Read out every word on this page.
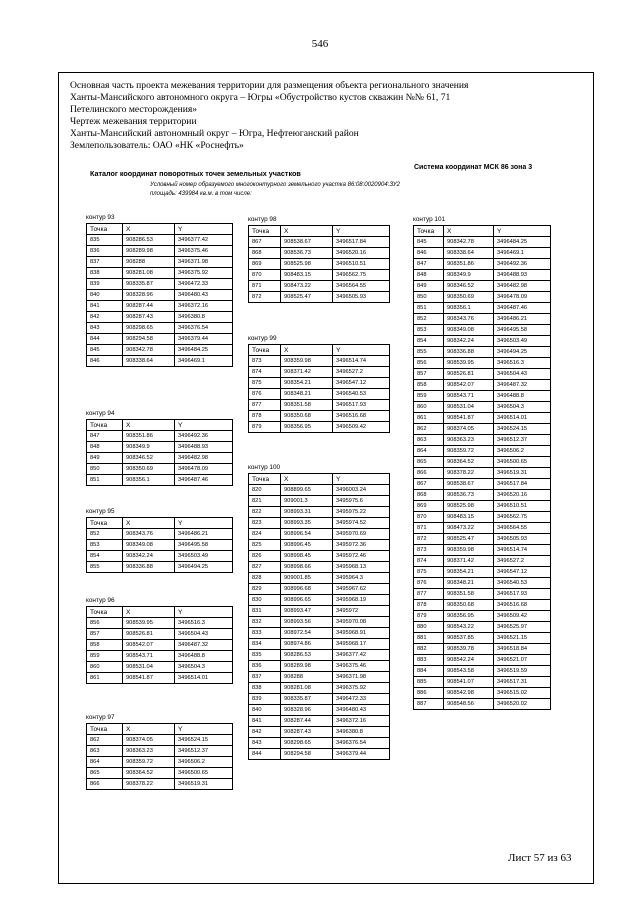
546
Основная часть проекта межевания территории для размещения объекта регионального значения
Ханты-Мансийского автономного округа – Югры «Обустройство кустов скважин №№ 61, 71
Петелинского месторождения»
Чертеж межевания территории
Ханты-Мансийский автономный округ – Югра, Нефтеюганский район
Землепользователь: ОАО «НК «Роснефть»
Каталог координат поворотных точек земельных участков
Система координат МСК 86 зона 3
Условный номер образуемого многоконтурного земельного участка 86:08:0020904:ЗУ2
площадь: 439984 кв.м. в том числе:
контур 93
Точка	X	Y
835	908286.53	3496377.42
836	908289.98	3496375.46
837	908288	3496371.98
838	908281.08	3496375.92
839	908335.87	3496472.33
840	908328.96	3496480.43
841	908287.44	3496372.16
842	908287.43	3496380.8
843	908298.65	3496376.54
844	908294.58	3496379.44
845	908342.78	3496484.25
846	908338.64	3496469.1
контур 94
Точка	X	Y
847	908351.86	3496492.36
848	908349.9	3496488.93
849	908346.52	3496482.98
850	908350.69	3496478.09
851	908356.1	3496487.46
контур 95
Точка	X	Y
852	908343.76	3496486.21
853	908349.08	3496495.58
854	908342.24	3496503.49
855	908336.88	3496494.25
контур 96
Точка	X	Y
856	908539.95	3496516.3
857	908526.81	3496504.43
858	908542.07	3496487.32
859	908543.71	3496488.8
860	908531.04	3496504.3
861	908541.87	3496514.01
контур 97
Точка	X	Y
862	908374.05	3496524.15
863	908363.23	3496512.37
864	908359.72	3496506.2
865	908364.52	3496500.65
866	908378.22	3496519.31
контур 98
Точка	X	Y
867	908538.67	3496517.84
868	908536.73	3496520.16
869	908525.98	3496510.51
870	908483.15	3496562.75
871	908473.22	3496564.55
872	908525.47	3496505.93
контур 99
Точка	X	Y
873	908359.98	3496514.74
874	908371.42	3496527.2
875	908354.21	3496547.12
876	908348.21	3496540.53
877	908351.58	3496517.93
878	908350.68	3496516.68
879	908356.95	3496509.42
контур 100
Точка	X	Y
820	908899.65	3496003.24
821	909001.3	3495975.6
822	908993.31	3495975.22
823	908993.35	3495974.52
824	908996.54	3495970.69
825	908996.45	3495972.36
826	908998.45	3495972.46
827	908998.66	3495968.13
828	909001.85	3495964.3
829	908996.68	3495967.62
830	908996.65	3495968.19
831	908993.47	3495972
832	908993.56	3495970.08
833	908972.54	3495968.91
834	908974.86	3495968.17
835	908286.53	3496377.42
836	908289.98	3496375.46
837	908288	3496371.98
838	908281.08	3496375.92
839	908335.87	3496472.33
840	908328.96	3496480.43
841	908287.44	3496372.16
842	908287.43	3496380.8
843	908298.65	3496376.54
844	908294.58	3496379.44
контур 101
Точка	X	Y
845	908342.78	3496484.25
846	908338.64	3496469.1
847	908351.86	3496492.36
848	908349.9	3496488.93
849	908346.52	3496482.98
850	908350.69	3496478.09
851	908356.1	3496487.46
852	908343.76	3496486.21
853	908349.08	3496495.58
854	908342.24	3496503.49
855	908336.88	3496494.25
856	908539.95	3496516.3
857	908526.81	3496504.43
858	908542.07	3496487.32
859	908543.71	3496488.8
860	908531.04	3496504.3
861	908541.87	3496514.01
862	908374.05	3496524.15
863	908363.23	3496512.37
864	908359.72	3496506.2
865	908364.52	3496500.65
866	908378.22	3496519.31
867	908538.67	3496517.84
868	908536.73	3496520.16
869	908525.98	3496510.51
870	908483.15	3496562.75
871	908473.22	3496564.55
872	908525.47	3496505.93
873	908359.98	3496514.74
874	908371.42	3496527.2
875	908354.21	3496547.12
876	908348.21	3496540.53
877	908351.58	3496517.93
878	908350.68	3496516.68
879	908356.95	3496509.42
880	908543.22	3496525.97
881	908537.85	3496521.15
882	908539.78	3496518.84
883	908542.24	3496521.07
884	908543.58	3496519.59
885	908541.07	3496517.31
886	908542.98	3496515.02
887	908548.56	3496520.02
Лист 57 из 63
